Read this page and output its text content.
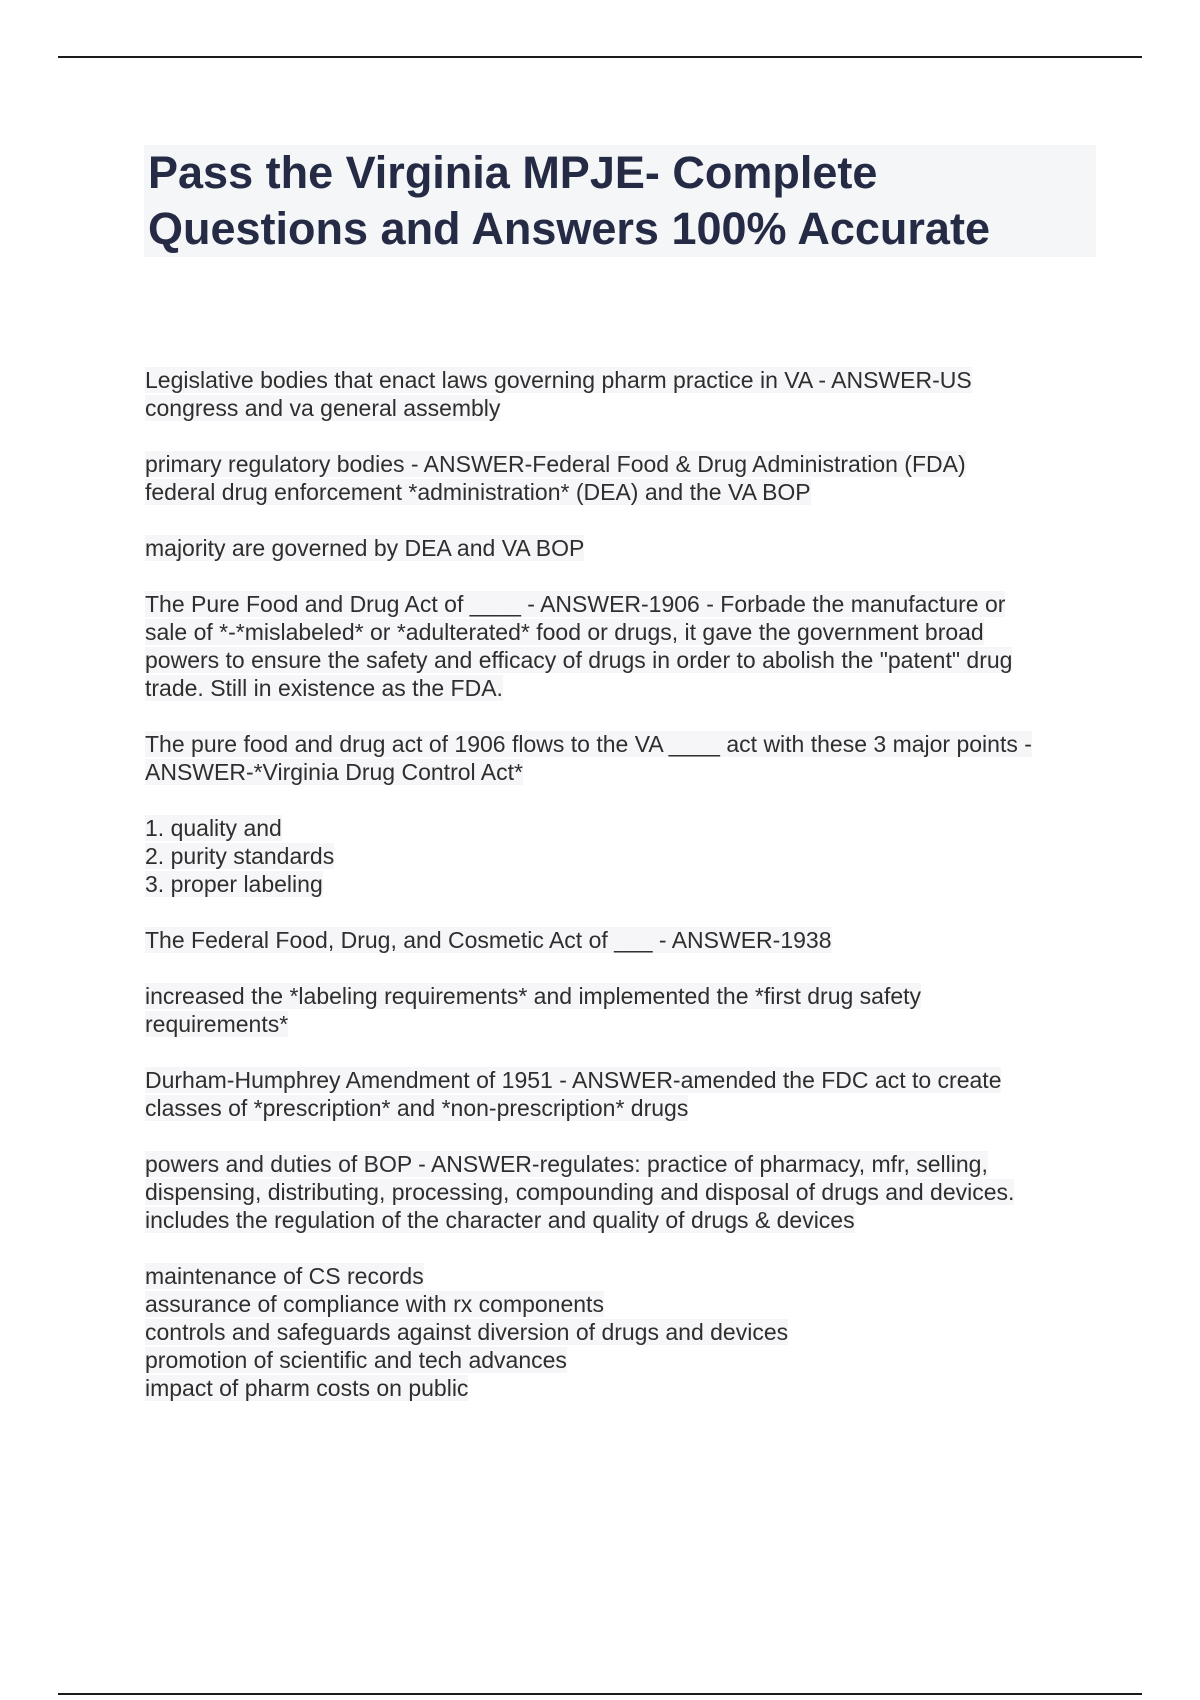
Pass the Virginia MPJE- Complete
Questions and Answers 100% Accurate
Legislative bodies that enact laws governing pharm practice in VA - ANSWER-US
congress and va general assembly
primary regulatory bodies - ANSWER-Federal Food & Drug Administration (FDA)
federal drug enforcement *administration* (DEA) and the VA BOP
majority are governed by DEA and VA BOP
The Pure Food and Drug Act of ____ - ANSWER-1906 - Forbade the manufacture or
sale of *-*mislabeled* or *adulterated* food or drugs, it gave the government broad
powers to ensure the safety and efficacy of drugs in order to abolish the "patent" drug
trade. Still in existence as the FDA.
The pure food and drug act of 1906 flows to the VA ____ act with these 3 major points -
ANSWER-*Virginia Drug Control Act*
1. quality and
2. purity standards
3. proper labeling
The Federal Food, Drug, and Cosmetic Act of ___ - ANSWER-1938
increased the *labeling requirements* and implemented the *first drug safety
requirements*
Durham-Humphrey Amendment of 1951 - ANSWER-amended the FDC act to create
classes of *prescription* and *non-prescription* drugs
powers and duties of BOP - ANSWER-regulates: practice of pharmacy, mfr, selling,
dispensing, distributing, processing, compounding and disposal of drugs and devices.
includes the regulation of the character and quality of drugs & devices
maintenance of CS records
assurance of compliance with rx components
controls and safeguards against diversion of drugs and devices
promotion of scientific and tech advances
impact of pharm costs on public
